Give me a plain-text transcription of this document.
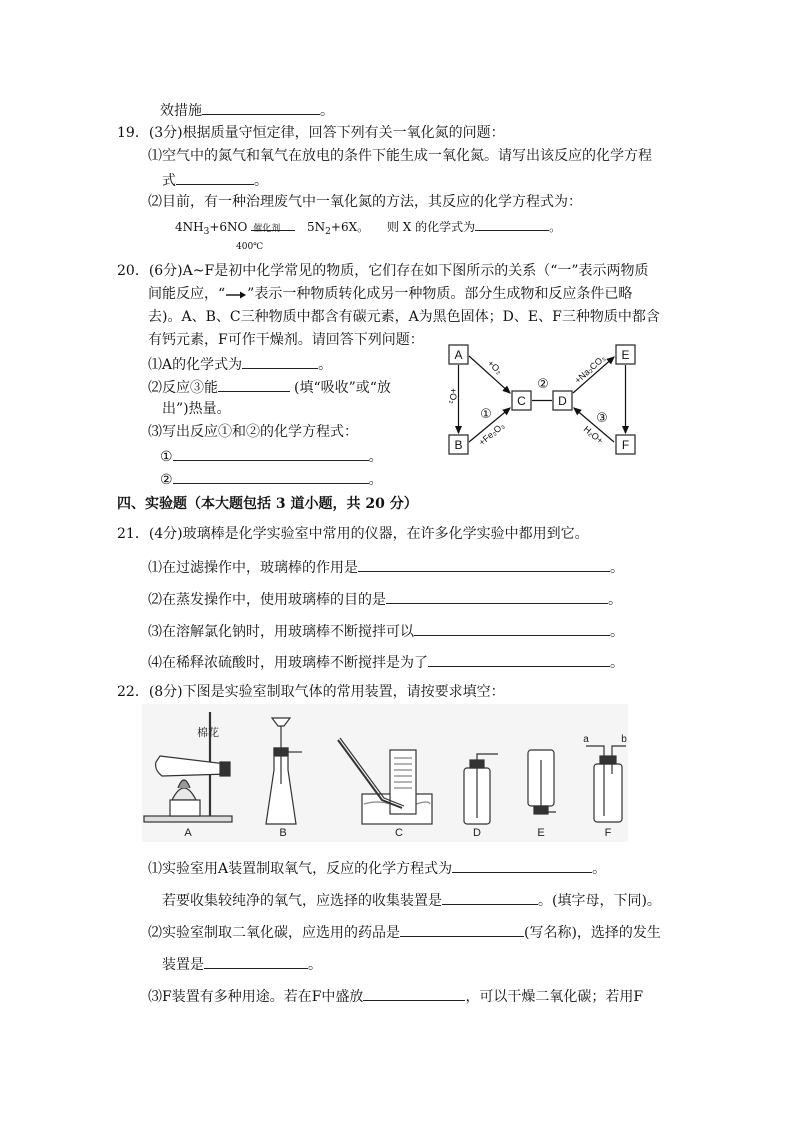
效措施	。
19．(3分)根据质量守恒定律，回答下列有关一氧化氮的问题：
⑴空气中的氮气和氧气在放电的条件下能生成一氧化氮。请写出该反应的化学方程
式	。
⑵目前，有一种治理废气中一氧化氮的方法，其反应的化学方程式为：
$4NH_3+6NO$ 催化剂 $5N_2+6X$。 则 X 的化学式为	。
400℃
20．(6分)A~F是初中化学常见的物质，它们存在如下图所示的关系（“一”表示两物质
间能反应，“ ”表示一种物质转化成另一种物质。部分生成物和反应条件已略
去)。A、B、C三种物质中都含有碳元素，A为黑色固体；D、E、F三种物质中都含
有钙元素，F可作干燥剂。请回答下列问题：
⑴A的化学式为	。
⑵反应③能	(填“吸收”或“放
出”)热量。
⑶写出反应①和②的化学方程式：
①	。
②	。
A
B
C	D
E
F
+O₂
+O₂
+Fe₂O₃
+Na₂CO₃
H₂O+
①
②
③
四、实验题（本大题包括 3 道小题，共 20 分）
21．(4分)玻璃棒是化学实验室中常用的仪器，在许多化学实验中都用到它。
⑴在过滤操作中，玻璃棒的作用是	。
⑵在蒸发操作中，使用玻璃棒的目的是	。
⑶在溶解氯化钠时，用玻璃棒不断搅拌可以	。
⑷在稀释浓硫酸时，用玻璃棒不断搅拌是为了	。
22．(8分)下图是实验室制取气体的常用装置，请按要求填空：
A	B	C	D	E	F
棉花
a	b
⑴实验室用A装置制取氧气，反应的化学方程式为	。
若要收集较纯净的氧气，应选择的收集装置是	。(填字母，下同)。
⑵实验室制取二氧化碳，应选用的药品是	(写名称)，选择的发生
装置是	。
⑶F装置有多种用途。若在F中盛放	，可以干燥二氧化碳；若用F
